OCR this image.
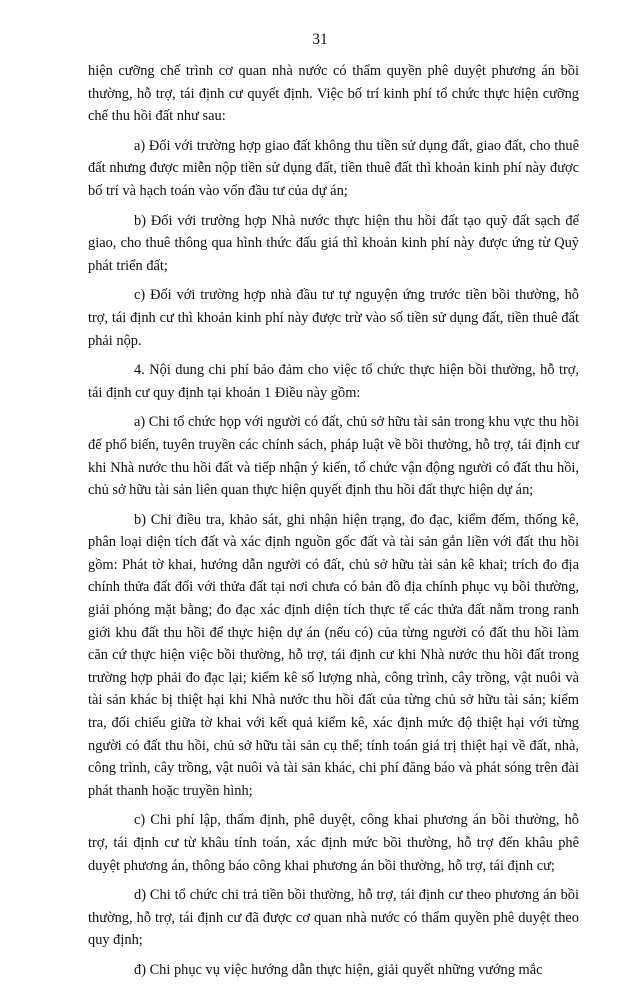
31

hiện cưỡng chế trình cơ quan nhà nước có thẩm quyền phê duyệt phương án bồi thường, hỗ trợ, tái định cư quyết định. Việc bố trí kinh phí tổ chức thực hiện cưỡng chế thu hồi đất như sau:

a) Đối với trường hợp giao đất không thu tiền sử dụng đất, giao đất, cho thuê đất nhưng được miễn nộp tiền sử dụng đất, tiền thuê đất thì khoản kinh phí này được bố trí và hạch toán vào vốn đầu tư của dự án;

b) Đối với trường hợp Nhà nước thực hiện thu hồi đất tạo quỹ đất sạch để giao, cho thuê thông qua hình thức đấu giá thì khoản kinh phí này được ứng từ Quỹ phát triển đất;

c) Đối với trường hợp nhà đầu tư tự nguyện ứng trước tiền bồi thường, hỗ trợ, tái định cư thì khoản kinh phí này được trừ vào số tiền sử dụng đất, tiền thuê đất phải nộp.

4. Nội dung chi phí bảo đảm cho việc tổ chức thực hiện bồi thường, hỗ trợ, tái định cư quy định tại khoản 1 Điều này gồm:

a) Chi tổ chức họp với người có đất, chủ sở hữu tài sản trong khu vực thu hồi để phổ biến, tuyên truyền các chính sách, pháp luật về bồi thường, hỗ trợ, tái định cư khi Nhà nước thu hồi đất và tiếp nhận ý kiến, tổ chức vận động người có đất thu hồi, chủ sở hữu tài sản liên quan thực hiện quyết định thu hồi đất thực hiện dự án;

b) Chi điều tra, khảo sát, ghi nhận hiện trạng, đo đạc, kiểm đếm, thống kê, phân loại diện tích đất và xác định nguồn gốc đất và tài sản gắn liền với đất thu hồi gồm: Phát tờ khai, hướng dẫn người có đất, chủ sở hữu tài sản kê khai; trích đo địa chính thửa đất đối với thửa đất tại nơi chưa có bản đồ địa chính phục vụ bồi thường, giải phóng mặt bằng; đo đạc xác định diện tích thực tế các thửa đất nằm trong ranh giới khu đất thu hồi để thực hiện dự án (nếu có) của từng người có đất thu hồi làm căn cứ thực hiện việc bồi thường, hỗ trợ, tái định cư khi Nhà nước thu hồi đất trong trường hợp phải đo đạc lại; kiểm kê số lượng nhà, công trình, cây trồng, vật nuôi và tài sản khác bị thiệt hại khi Nhà nước thu hồi đất của từng chủ sở hữu tài sản; kiểm tra, đối chiếu giữa tờ khai với kết quả kiểm kê, xác định mức độ thiệt hại với từng người có đất thu hồi, chủ sở hữu tài sản cụ thể; tính toán giá trị thiệt hại về đất, nhà, công trình, cây trồng, vật nuôi và tài sản khác, chi phí đăng báo và phát sóng trên đài phát thanh hoặc truyền hình;

c) Chi phí lập, thẩm định, phê duyệt, công khai phương án bồi thường, hỗ trợ, tái định cư từ khâu tính toán, xác định mức bồi thường, hỗ trợ đến khâu phê duyệt phương án, thông báo công khai phương án bồi thường, hỗ trợ, tái định cư;

d) Chi tổ chức chi trả tiền bồi thường, hỗ trợ, tái định cư theo phương án bồi thường, hỗ trợ, tái định cư đã được cơ quan nhà nước có thẩm quyền phê duyệt theo quy định;

đ) Chi phục vụ việc hướng dẫn thực hiện, giải quyết những vướng mắc
